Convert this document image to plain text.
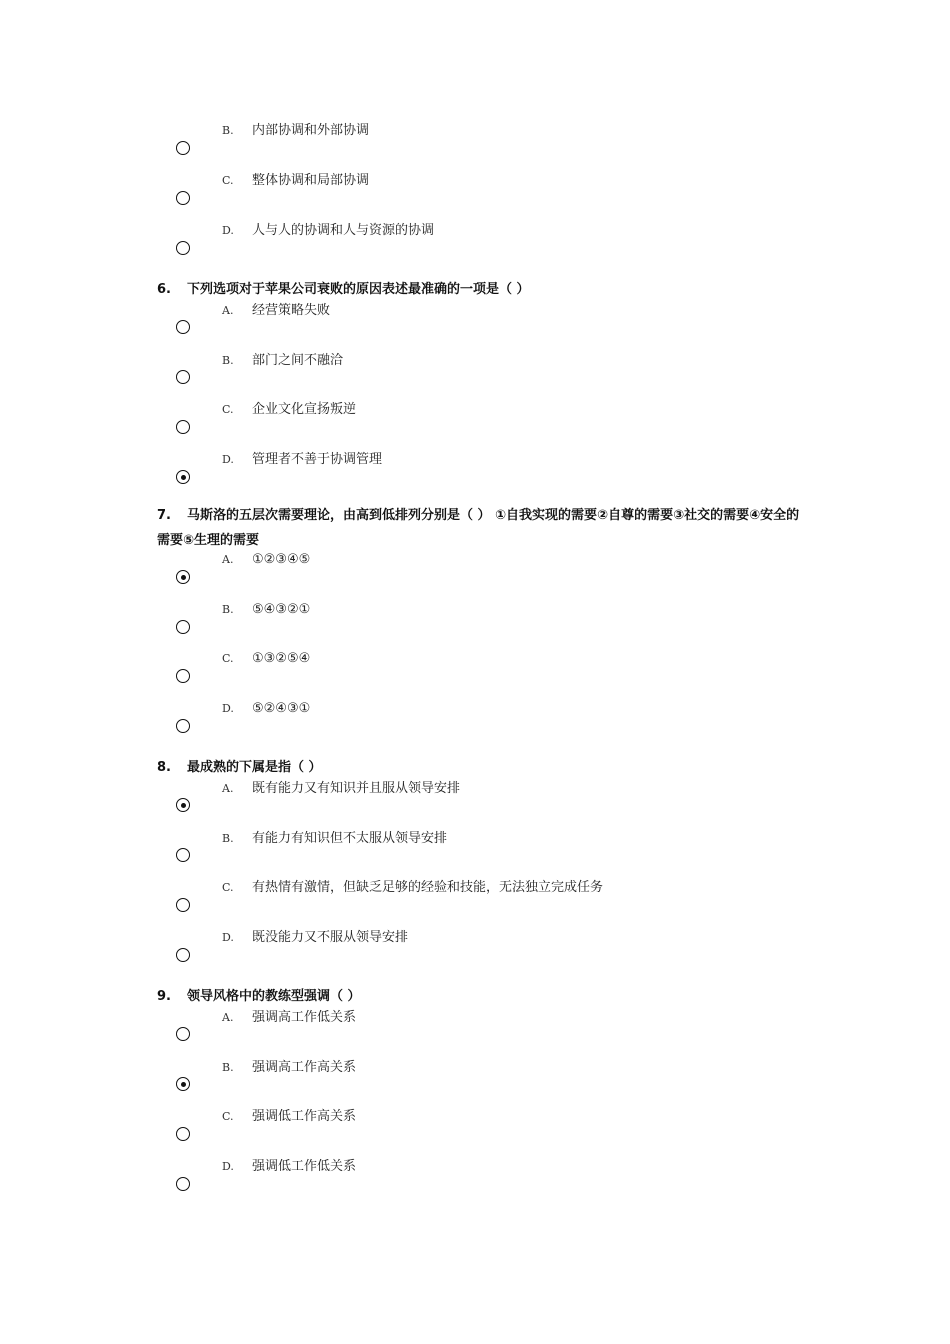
B. 内部协调和外部协调
C. 整体协调和局部协调
D. 人与人的协调和人与资源的协调
6. 下列选项对于苹果公司衰败的原因表述最准确的一项是（ ）
A. 经营策略失败
B. 部门之间不融洽
C. 企业文化宣扬叛逆
D. 管理者不善于协调管理
7. 马斯洛的五层次需要理论，由高到低排列分别是（ ） ①自我实现的需要②自尊的需要③社交的需要④安全的需要⑤生理的需要
A. ①②③④⑤
B. ⑤④③②①
C. ①③②⑤④
D. ⑤②④③①
8. 最成熟的下属是指（ ）
A. 既有能力又有知识并且服从领导安排
B. 有能力有知识但不太服从领导安排
C. 有热情有激情，但缺乏足够的经验和技能，无法独立完成任务
D. 既没能力又不服从领导安排
9. 领导风格中的教练型强调（ ）
A. 强调高工作低关系
B. 强调高工作高关系
C. 强调低工作高关系
D. 强调低工作低关系
